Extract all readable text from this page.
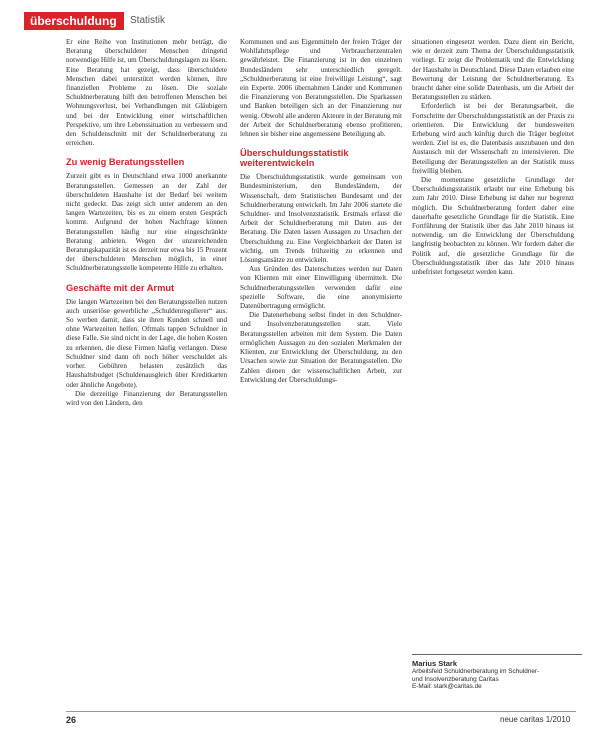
überschuldung	Statistik

Er eine Reihe von Institutionen mehr beträgt, die Beratung überschuldeter Menschen dringend notwendige Hilfe ist, um Überschuldungslagen zu lösen. Eine Beratung hat gezeigt, dass überschuldete Menschen dabei unterstützt werden können, ihre finanziellen Probleme zu lösen. Die soziale Schuldnerberatung hilft den betroffenen Menschen bei Wohnungsverlust, bei Verhandlungen mit Gläubigern und bei der Entwicklung einer wirtschaftlichen Perspektive, um ihre Lebenssituation zu verbessern und den Schuldenschnitt mit der Schuldnerberatung zu erreichen.

Zu wenig Beratungsstellen

Zurzeit gibt es in Deutschland etwa 1000 anerkannte Beratungsstellen. Gemessen an der Zahl der überschuldeten Haushalte ist der Bedarf bei weitem nicht gedeckt. Das zeigt sich unter anderem an den langen Wartezeiten, bis es zu einem ersten Gespräch kommt. Aufgrund der hohen Nachfrage können Beratungsstellen häufig nur eine eingeschränkte Beratung anbieten. Wegen der unzureichenden Beratungskapazität ist es derzeit nur etwa bis 15 Prozent der überschuldeten Menschen möglich, in einer Schuldnerberatungsstelle kompetente Hilfe zu erhalten.

Geschäfte mit der Armut

Die langen Wartezeiten bei den Beratungsstellen nutzen auch unseriöse gewerbliche „Schuldenregulierer“ aus. So werben damit, dass sie ihren Kunden schnell und ohne Wartezeiten helfen. Oftmals tappen Schuldner in diese Falle. Sie sind nicht in der Lage, die hohen Kosten zu erkennen, die diese Firmen häufig verlangen. Diese Schuldner sind dann oft noch höher verschuldet als vorher. Gebühren belasten zusätzlich das Haushaltsbudget (Schuldenausgleich über Kreditkarten oder ähnliche Angebote).

Die derzeitige Finanzierung der Beratungsstellen wird von den Ländern, den

Kommunen und aus Eigenmitteln der freien Träger der Wohlfahrtspflege und Verbraucherzentralen gewährleistet. Die Finanzierung ist in den einzelnen Bundesländern sehr unterschiedlich geregelt. „Schuldnerberatung ist eine freiwillige Leistung“, sagt ein Experte. 2006 übernahmen Länder und Kommunen die Finanzierung von Beratungsstellen. Die Sparkassen und Banken beteiligen sich an der Finanzierung nur wenig. Obwohl alle anderen Akteure in der Beratung mit der Arbeit der Schuldnerberatung ebenso profitieren, lehnen sie bisher eine angemessene Beteiligung ab.

Überschuldungsstatistik weiterentwickeln

Die Überschuldungsstatistik wurde gemeinsam von Bundesministerium, den Bundesländern, der Wissenschaft, dem Statistischen Bundesamt und der Schuldnerberatung entwickelt. Im Jahr 2006 startete die Schuldner- und Insolvenzstatistik. Erstmals erfasst die Arbeit der Schuldnerberatung mit Daten aus der Beratung. Die Daten lassen Aussagen zu Ursachen der Überschuldung zu. Eine Vergleichbarkeit der Daten ist wichtig, um Trends frühzeitig zu erkennen und Lösungsansätze zu entwickeln.

Aus Gründen des Datenschutzes werden nur Daten von Klienten mit einer Einwilligung übermittelt. Die Schuldnerberatungsstellen verwenden dafür eine spezielle Software, die eine anonymisierte Datenübertragung ermöglicht.

Die Datenerhebung selbst findet in den Schuldner- und Insolvenzberatungsstellen statt. Viele Beratungsstellen arbeiten mit dem System. Die Daten ermöglichen Aussagen zu den sozialen Merkmalen der Klienten, zur Entwicklung der Überschuldung, zu den Ursachen sowie zur Situation der Beratungsstellen. Die Zahlen dienen der wissenschaftlichen Arbeit, zur Entwicklung der Überschuldungs-

situationen eingesetzt werden. Dazu dient ein Bericht, wie er derzeit zum Thema der Überschuldungsstatistik vorliegt. Er zeigt die Problematik und die Entwicklung der Haushalte in Deutschland. Diese Daten erlauben eine Bewertung der Leistung der Schuldnerberatung. Es braucht daher eine solide Datenbasis, um die Arbeit der Beratungsstellen zu stärken.

Erforderlich ist bei der Beratungsarbeit, die Fortschritte der Überschuldungsstatistik an der Praxis zu orientieren. Die Entwicklung der bundesweiten Erhebung wird auch künftig durch die Träger begleitet werden. Ziel ist es, die Datenbasis auszubauen und den Austausch mit der Wissenschaft zu intensivieren. Die Beteiligung der Beratungsstellen an der Statistik muss freiwillig bleiben.

Die momentane gesetzliche Grundlage der Überschuldungsstatistik erlaubt nur eine Erhebung bis zum Jahr 2010. Diese Erhebung ist daher nur begrenzt möglich. Die Schuldnerberatung fordert daher eine dauerhafte gesetzliche Grundlage für die Statistik. Eine Fortführung der Statistik über das Jahr 2010 hinaus ist notwendig, um die Entwicklung der Überschuldung langfristig beobachten zu können. Wir fordern daher die Politik auf, die gesetzliche Grundlage für die Überschuldungsstatistik über das Jahr 2010 hinaus unbefristet fortgesetzt werden kann.

Marius Stark
Arbeitsfeld Schuldnerberatung im Schuldner-
und Insolvenzberatung Caritas
E-Mail: stark@caritas.de
26	neue caritas 1/2010
